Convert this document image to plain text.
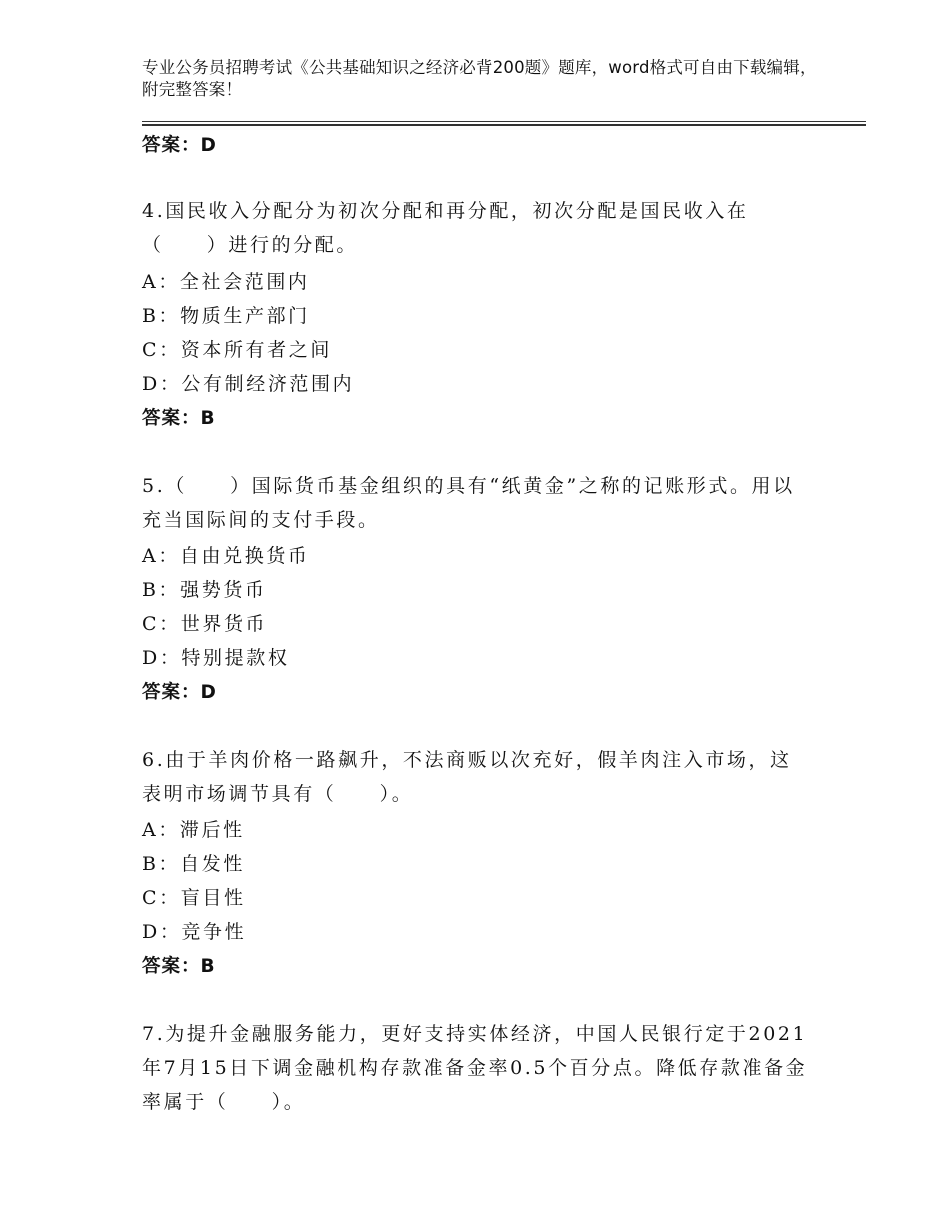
专业公务员招聘考试《公共基础知识之经济必背200题》题库，word格式可自由下载编辑，附完整答案！
答案：D
4.国民收入分配分为初次分配和再分配，初次分配是国民收入在（　　）进行的分配。
A：全社会范围内
B：物质生产部门
C：资本所有者之间
D：公有制经济范围内
答案：B
5.（　　）国际货币基金组织的具有“纸黄金”之称的记账形式。用以充当国际间的支付手段。
A：自由兑换货币
B：强势货币
C：世界货币
D：特别提款权
答案：D
6.由于羊肉价格一路飙升，不法商贩以次充好，假羊肉注入市场，这表明市场调节具有（　　）。
A：滞后性
B：自发性
C：盲目性
D：竞争性
答案：B
7.为提升金融服务能力，更好支持实体经济，中国人民银行定于2021年7月15日下调金融机构存款准备金率0.5个百分点。降低存款准备金率属于（　　）。
